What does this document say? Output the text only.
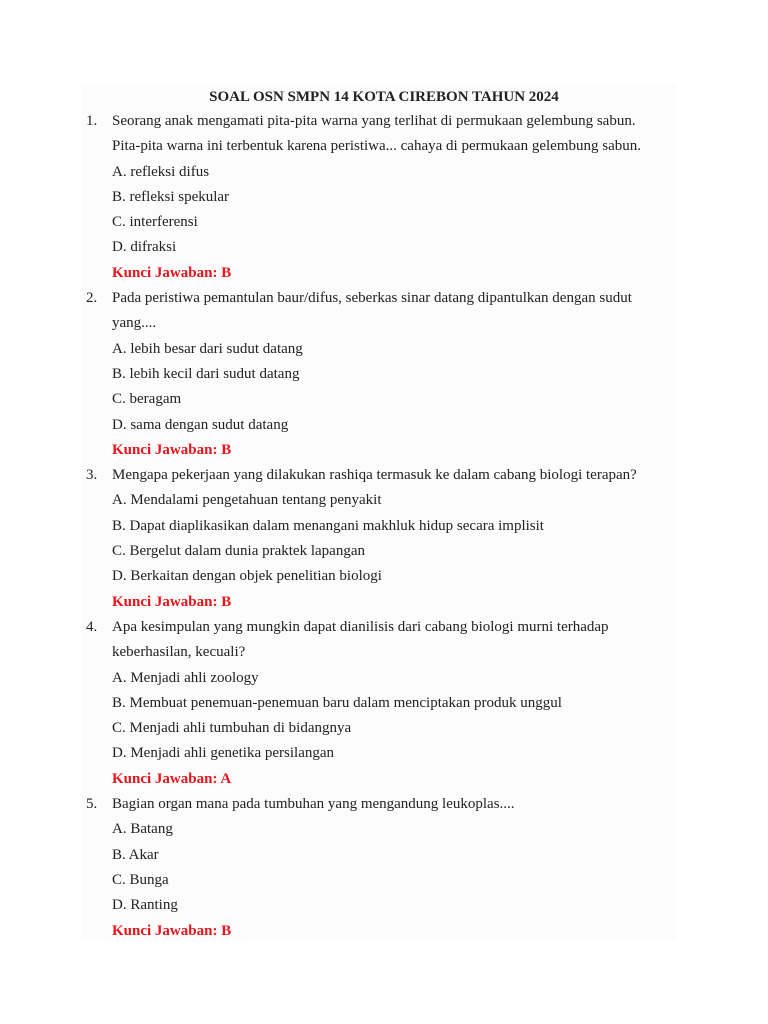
SOAL OSN SMPN 14 KOTA CIREBON TAHUN 2024
1. Seorang anak mengamati pita-pita warna yang terlihat di permukaan gelembung sabun.
Pita-pita warna ini terbentuk karena peristiwa... cahaya di permukaan gelembung sabun.
A. refleksi difus
B. refleksi spekular
C. interferensi
D. difraksi
Kunci Jawaban: B
2. Pada peristiwa pemantulan baur/difus, seberkas sinar datang dipantulkan dengan sudut
yang....
A. lebih besar dari sudut datang
B. lebih kecil dari sudut datang
C. beragam
D. sama dengan sudut datang
Kunci Jawaban: B
3. Mengapa pekerjaan yang dilakukan rashiqa termasuk ke dalam cabang biologi terapan?
A. Mendalami pengetahuan tentang penyakit
B. Dapat diaplikasikan dalam menangani makhluk hidup secara implisit
C. Bergelut dalam dunia praktek lapangan
D. Berkaitan dengan objek penelitian biologi
Kunci Jawaban: B
4. Apa kesimpulan yang mungkin dapat dianilisis dari cabang biologi murni terhadap
keberhasilan, kecuali?
A. Menjadi ahli zoology
B. Membuat penemuan-penemuan baru dalam menciptakan produk unggul
C. Menjadi ahli tumbuhan di bidangnya
D. Menjadi ahli genetika persilangan
Kunci Jawaban: A
5. Bagian organ mana pada tumbuhan yang mengandung leukoplas....
A. Batang
B. Akar
C. Bunga
D. Ranting
Kunci Jawaban: B
